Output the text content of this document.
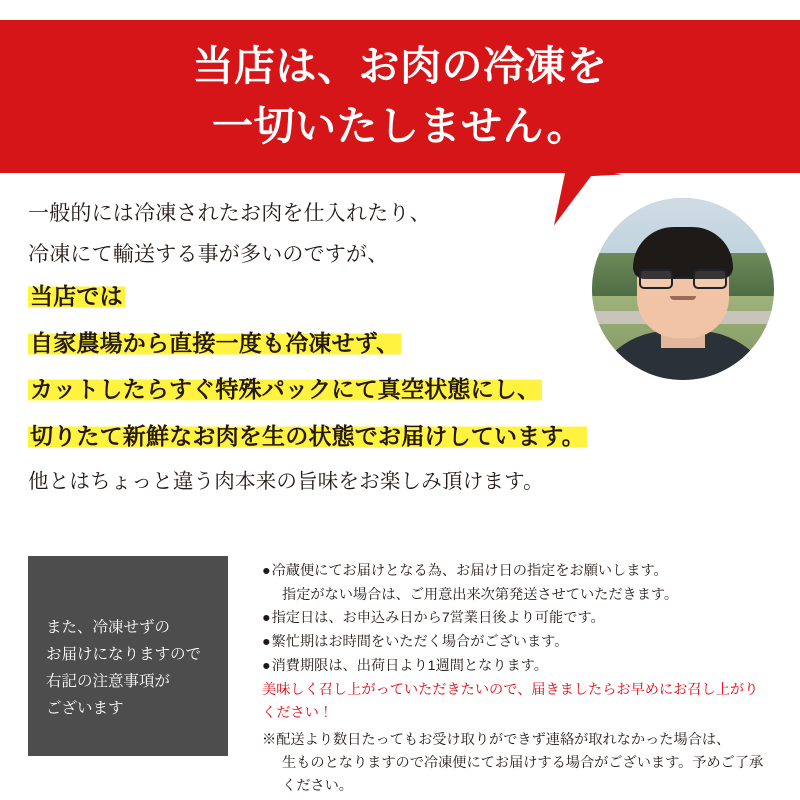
当店は、お肉の冷凍を
一切いたしません。

一般的には冷凍されたお肉を仕入れたり、

冷凍にて輸送する事が多いのですが、

当店では

自家農場から直接一度も冷凍せず、

カットしたらすぐ特殊パックにて真空状態にし、

切りたて新鮮なお肉を生の状態でお届けしています。

他とはちょっと違う肉本来の旨味をお楽しみ頂けます。

また、冷凍せずの
お届けになりますので
右記の注意事項が
ございます
●冷蔵便にてお届けとなる為、お届け日の指定をお願いします。
指定がない場合は、ご用意出来次第発送させていただきます。
●指定日は、お申込み日から7営業日後より可能です。
●繁忙期はお時間をいただく場合がございます。
●消費期限は、出荷日より1週間となります。
美味しく召し上がっていただきたいので、届きましたらお早めにお召し上がり
ください！
※配送より数日たってもお受け取りができず連絡が取れなかった場合は、
生ものとなりますので冷凍便にてお届けする場合がございます。予めご了承
ください。
